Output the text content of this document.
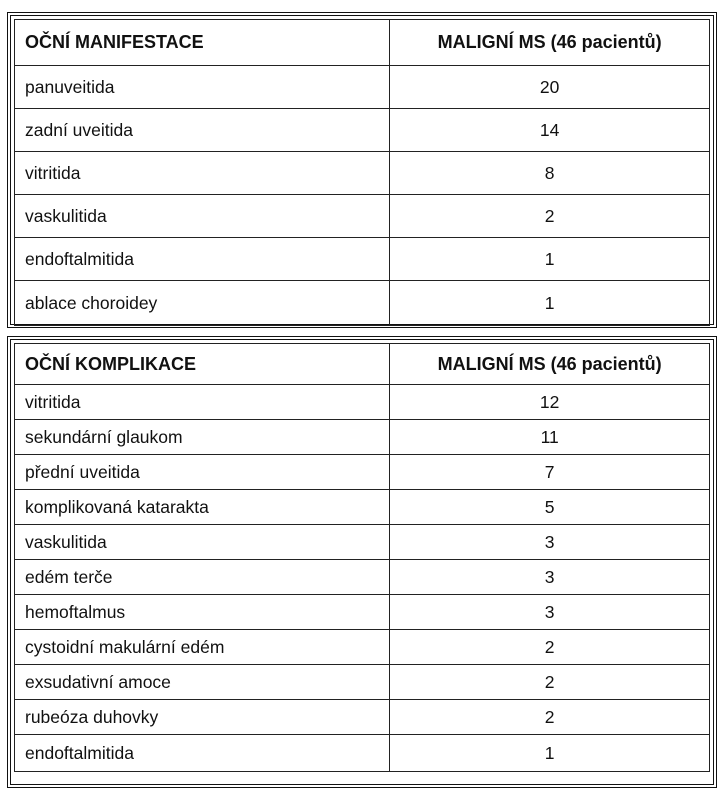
OČNÍ MANIFESTACE	MALIGNÍ MS (46 pacientů)
panuveitida	20
zadní uveitida	14
vitritida	8
vaskulitida	2
endoftalmitida	1
ablace choroidey	1
OČNÍ KOMPLIKACE	MALIGNÍ MS (46 pacientů)
vitritida	12
sekundární glaukom	11
přední uveitida	7
komplikovaná katarakta	5
vaskulitida	3
edém terče	3
hemoftalmus	3
cystoidní makulární edém	2
exsudativní amoce	2
rubeóza duhovky	2
endoftalmitida	1
